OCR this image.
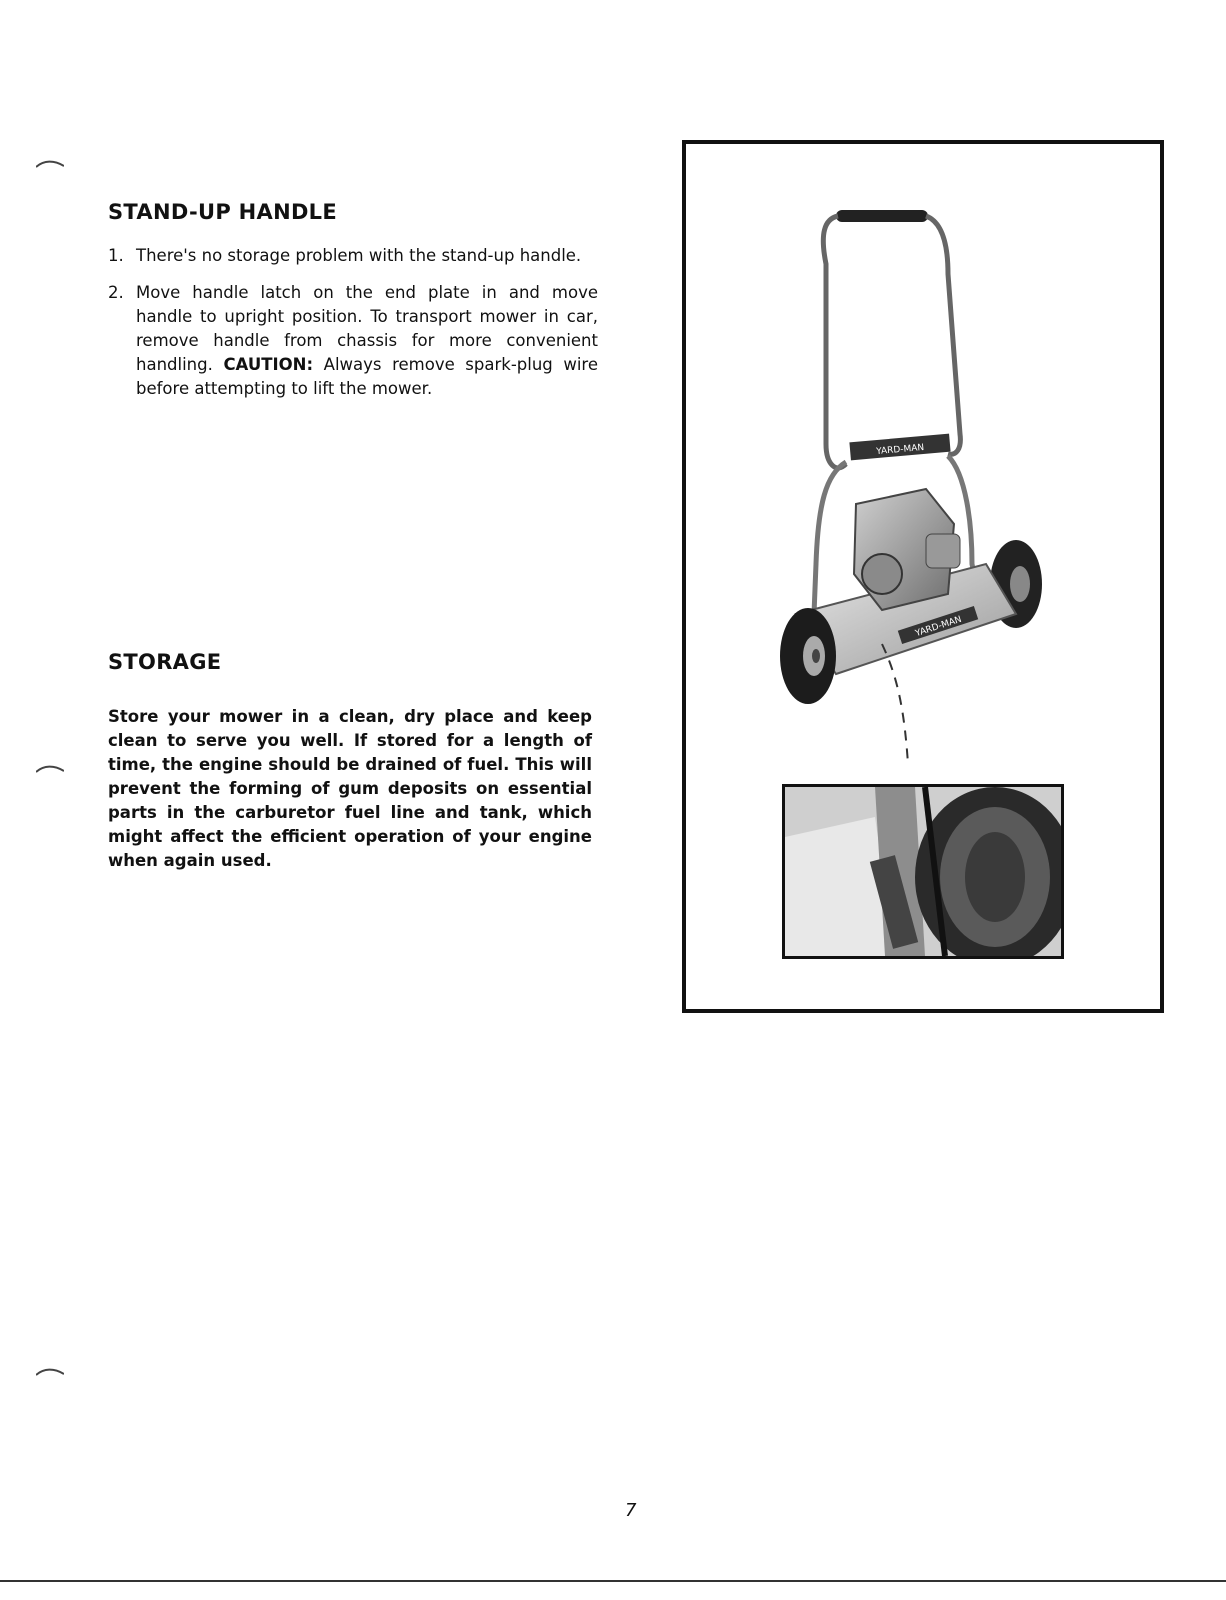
STAND-UP HANDLE
1. There's no storage problem with the stand-up handle.
2. Move handle latch on the end plate in and move handle to upright position. To transport mower in car, remove handle from chassis for more convenient handling. CAUTION: Always remove spark-plug wire before attempting to lift the mower.
STORAGE

Store your mower in a clean, dry place and keep clean to serve you well. If stored for a length of time, the engine should be drained of fuel. This will prevent the forming of gum deposits on essential parts in the carburetor fuel line and tank, which might affect the efficient operation of your engine when again used.

YARD-MAN
YARD-MAN
7
